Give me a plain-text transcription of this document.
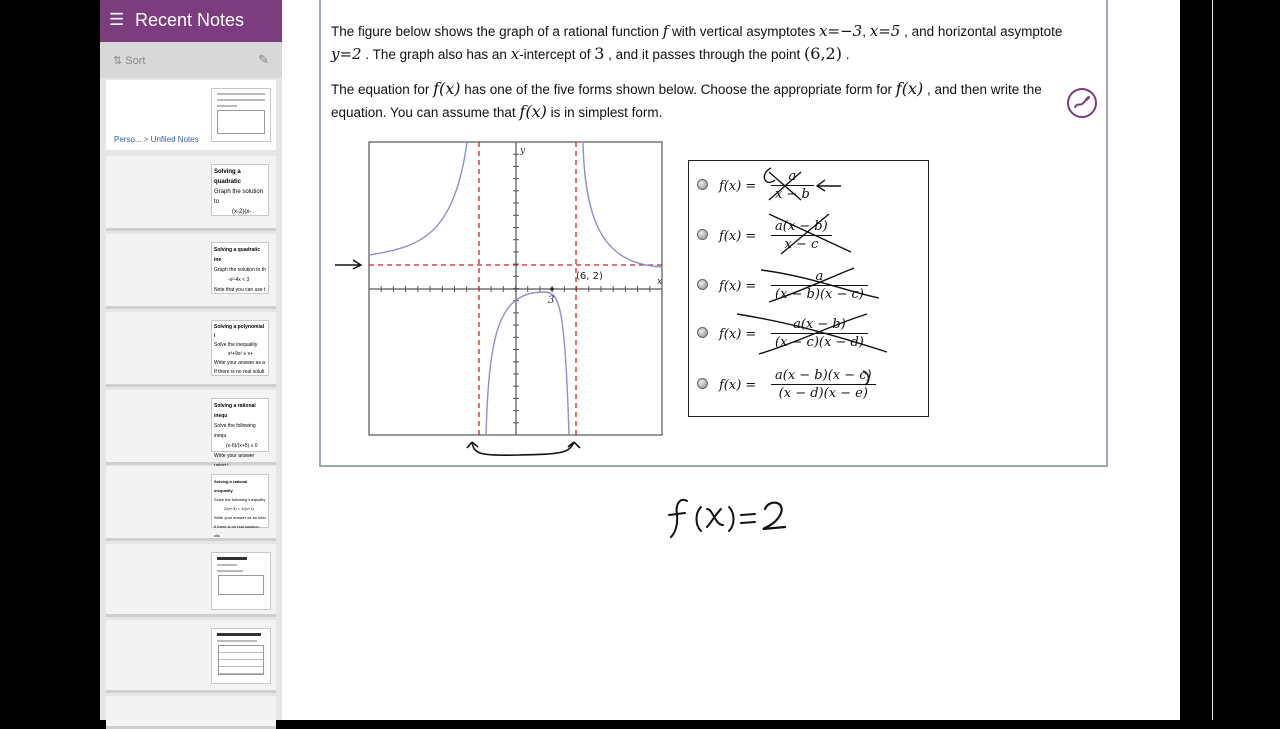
☰ Recent Notes
⇅ Sort	✎
Perso... > Unfiled Notes
Solving a quadratic
Graph the solution to
(x-2)(x-
Solving a quadratic ine
Graph the solution to th
-x²-4x < 3
Note that you can use t
Solving a polynomial i
Solve the inequality
x³+9x² ≥ x+
Write your answer as a
If there is no real soluti
Solving a rational inequ
Solve the following inequ
(x-6)/(x+5) ≤ 0
Write your answer
Solving a rational inequality
Solve the following inequality
2/(x+3) < 1/(x+1)
Write your answer as an inter
If there is no real solution, clic
The figure below shows the graph of a rational function f with vertical asymptotes x=−3, x=5 , and horizontal asymptote y=2 . The graph also has an x-intercept of 3 , and it passes through the point (6,2) .
The equation for f(x) has one of the five forms shown below. Choose the appropriate form for f(x) , and then write the equation. You can assume that f(x) is in simplest form.
x
y
3
(6, 2)
$f(x) = \frac{a}{x - b}$
$f(x) = \frac{a(x - b)}{x - c}$
$f(x) = \frac{a}{(x - b)(x - c)}$
$f(x) = \frac{a(x - b)}{(x - c)(x - d)}$
$f(x) = \frac{a(x - b)(x - c)}{(x - d)(x - e)}$
f(x) = 2
